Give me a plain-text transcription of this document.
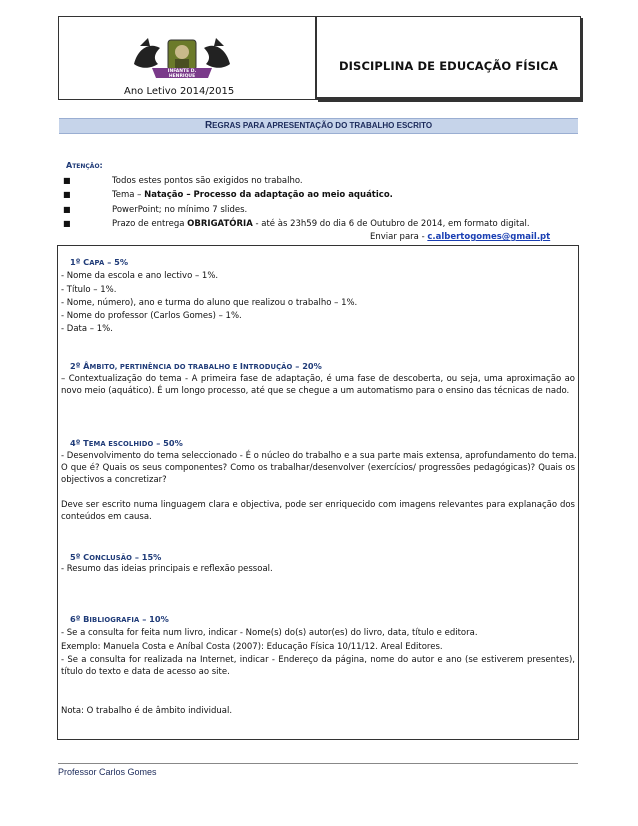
INFANTE D. HENRIQUE
Ano Letivo 2014/2015
DISCIPLINA DE EDUCAÇÃO FÍSICA
REGRAS PARA APRESENTAÇÃO DO TRABALHO ESCRITO
Atenção:
■	Todos estes pontos são exigidos no trabalho.
■	Tema – Natação – Processo da adaptação ao meio aquático.
■	PowerPoint; no mínimo 7 slides.
■	Prazo de entrega OBRIGATÓRIA - até às 23h59 do dia 6 de Outubro de 2014, em formato digital.
Enviar para - c.albertogomes@gmail.pt
1º CAPA – 5%
- Nome da escola e ano lectivo – 1%.
- Título – 1%.
- Nome, número), ano e turma do aluno que realizou o trabalho – 1%.
- Nome do professor (Carlos Gomes) – 1%.
- Data – 1%.
2º ÂMBITO, PERTINÊNCIA DO TRABALHO E INTRODUÇÃO – 20%
– Contextualização do tema - A primeira fase de adaptação, é uma fase de descoberta, ou seja, uma aproximação ao novo meio (aquático). É um longo processo, até que se chegue a um automatismo para o ensino das técnicas de nado.
4º TEMA ESCOLHIDO – 50%
- Desenvolvimento do tema seleccionado - É o núcleo do trabalho e a sua parte mais extensa, aprofundamento do tema.
O que é? Quais os seus componentes? Como os trabalhar/desenvolver (exercícios/ progressões pedagógicas)? Quais os objectivos a concretizar?
Deve ser escrito numa linguagem clara e objectiva, pode ser enriquecido com imagens relevantes para explanação dos conteúdos em causa.
5º CONCLUSÃO – 15%
- Resumo das ideias principais e reflexão pessoal.
6º BIBLIOGRAFIA – 10%
- Se a consulta for feita num livro, indicar - Nome(s) do(s) autor(es) do livro, data, título e editora.
Exemplo: Manuela Costa e Aníbal Costa (2007): Educação Física 10/11/12. Areal Editores.
- Se a consulta for realizada na Internet, indicar - Endereço da página, nome do autor e ano (se estiverem presentes), título do texto e data de acesso ao site.
Nota: O trabalho é de âmbito individual.
Professor Carlos Gomes
